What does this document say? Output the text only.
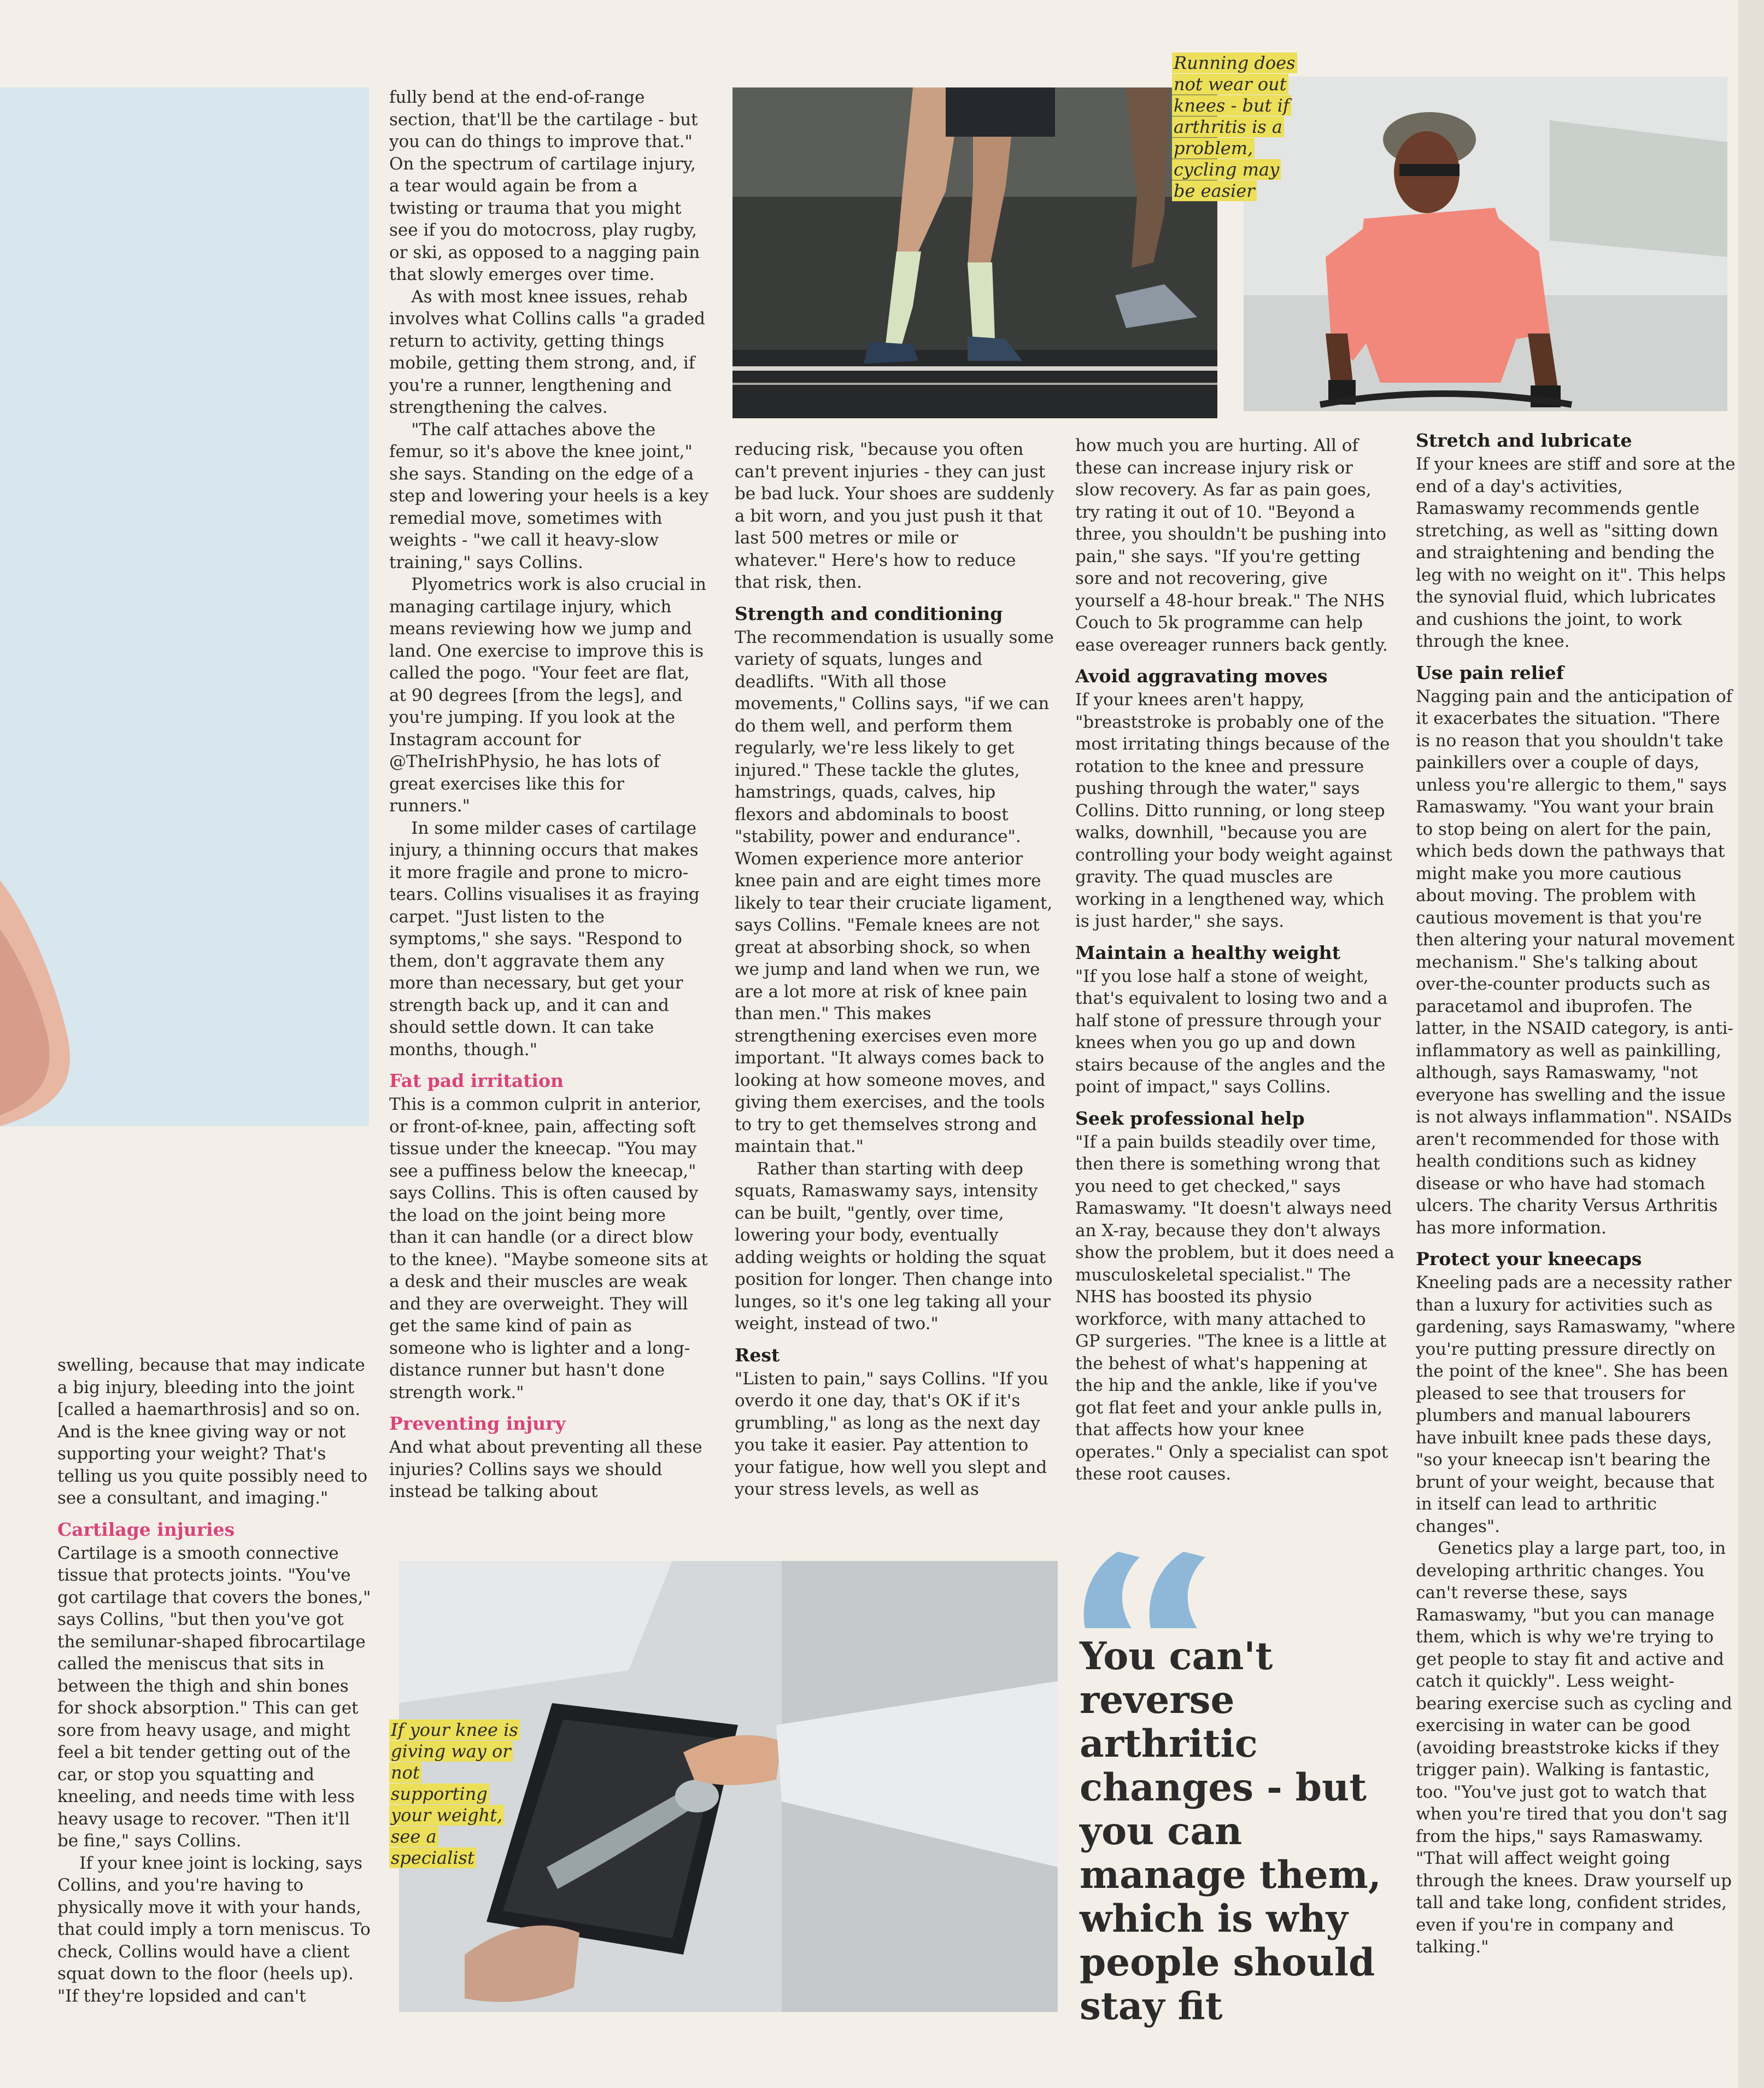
Running does not wear out knees - but if arthritis is a problem, cycling may be easier
If your knee is giving way or not supporting your weight, see a specialist

swelling, because that may indicate a big injury, bleeding into the joint [called a haemarthrosis] and so on. And is the knee giving way or not supporting your weight? That's telling us you quite possibly need to see a consultant, and imaging."

Cartilage injuries

Cartilage is a smooth connective tissue that protects joints. "You've got cartilage that covers the bones," says Collins, "but then you've got the semilunar-shaped fibrocartilage called the meniscus that sits in between the thigh and shin bones for shock absorption." This can get sore from heavy usage, and might feel a bit tender getting out of the car, or stop you squatting and kneeling, and needs time with less heavy usage to recover. "Then it'll be fine," says Collins.

If your knee joint is locking, says Collins, and you're having to physically move it with your hands, that could imply a torn meniscus. To check, Collins would have a client squat down to the floor (heels up). "If they're lopsided and can't

fully bend at the end-of-range section, that'll be the cartilage - but you can do things to improve that." On the spectrum of cartilage injury, a tear would again be from a twisting or trauma that you might see if you do motocross, play rugby, or ski, as opposed to a nagging pain that slowly emerges over time.

As with most knee issues, rehab involves what Collins calls "a graded return to activity, getting things mobile, getting them strong, and, if you're a runner, lengthening and strengthening the calves.

"The calf attaches above the femur, so it's above the knee joint," she says. Standing on the edge of a step and lowering your heels is a key remedial move, sometimes with weights - "we call it heavy-slow training," says Collins.

Plyometrics work is also crucial in managing cartilage injury, which means reviewing how we jump and land. One exercise to improve this is called the pogo. "Your feet are flat, at 90 degrees [from the legs], and you're jumping. If you look at the Instagram account for @TheIrishPhysio, he has lots of great exercises like this for runners."

In some milder cases of cartilage injury, a thinning occurs that makes it more fragile and prone to micro-tears. Collins visualises it as fraying carpet. "Just listen to the symptoms," she says. "Respond to them, don't aggravate them any more than necessary, but get your strength back up, and it can and should settle down. It can take months, though."

Fat pad irritation

This is a common culprit in anterior, or front-of-knee, pain, affecting soft tissue under the kneecap. "You may see a puffiness below the kneecap," says Collins. This is often caused by the load on the joint being more than it can handle (or a direct blow to the knee). "Maybe someone sits at a desk and their muscles are weak and they are overweight. They will get the same kind of pain as someone who is lighter and a long-distance runner but hasn't done strength work."

Preventing injury

And what about preventing all these injuries? Collins says we should instead be talking about

reducing risk, "because you often can't prevent injuries - they can just be bad luck. Your shoes are suddenly a bit worn, and you just push it that last 500 metres or mile or whatever." Here's how to reduce that risk, then.

Strength and conditioning

The recommendation is usually some variety of squats, lunges and deadlifts. "With all those movements," Collins says, "if we can do them well, and perform them regularly, we're less likely to get injured." These tackle the glutes, hamstrings, quads, calves, hip flexors and abdominals to boost "stability, power and endurance". Women experience more anterior knee pain and are eight times more likely to tear their cruciate ligament, says Collins. "Female knees are not great at absorbing shock, so when we jump and land when we run, we are a lot more at risk of knee pain than men." This makes strengthening exercises even more important. "It always comes back to looking at how someone moves, and giving them exercises, and the tools to try to get themselves strong and maintain that."

Rather than starting with deep squats, Ramaswamy says, intensity can be built, "gently, over time, lowering your body, eventually adding weights or holding the squat position for longer. Then change into lunges, so it's one leg taking all your weight, instead of two."

Rest

"Listen to pain," says Collins. "If you overdo it one day, that's OK if it's grumbling," as long as the next day you take it easier. Pay attention to your fatigue, how well you slept and your stress levels, as well as

how much you are hurting. All of these can increase injury risk or slow recovery. As far as pain goes, try rating it out of 10. "Beyond a three, you shouldn't be pushing into pain," she says. "If you're getting sore and not recovering, give yourself a 48-hour break." The NHS Couch to 5k programme can help ease overeager runners back gently.

Avoid aggravating moves

If your knees aren't happy, "breaststroke is probably one of the most irritating things because of the rotation to the knee and pressure pushing through the water," says Collins. Ditto running, or long steep walks, downhill, "because you are controlling your body weight against gravity. The quad muscles are working in a lengthened way, which is just harder," she says.

Maintain a healthy weight

"If you lose half a stone of weight, that's equivalent to losing two and a half stone of pressure through your knees when you go up and down stairs because of the angles and the point of impact," says Collins.

Seek professional help

"If a pain builds steadily over time, then there is something wrong that you need to get checked," says Ramaswamy. "It doesn't always need an X-ray, because they don't always show the problem, but it does need a musculoskeletal specialist." The NHS has boosted its physio workforce, with many attached to GP surgeries. "The knee is a little at the behest of what's happening at the hip and the ankle, like if you've got flat feet and your ankle pulls in, that affects how your knee operates." Only a specialist can spot these root causes.

Stretch and lubricate

If your knees are stiff and sore at the end of a day's activities, Ramaswamy recommends gentle stretching, as well as "sitting down and straightening and bending the leg with no weight on it". This helps the synovial fluid, which lubricates and cushions the joint, to work through the knee.

Use pain relief

Nagging pain and the anticipation of it exacerbates the situation. "There is no reason that you shouldn't take painkillers over a couple of days, unless you're allergic to them," says Ramaswamy. "You want your brain to stop being on alert for the pain, which beds down the pathways that might make you more cautious about moving. The problem with cautious movement is that you're then altering your natural movement mechanism." She's talking about over-the-counter products such as paracetamol and ibuprofen. The latter, in the NSAID category, is anti-inflammatory as well as painkilling, although, says Ramaswamy, "not everyone has swelling and the issue is not always inflammation". NSAIDs aren't recommended for those with health conditions such as kidney disease or who have had stomach ulcers. The charity Versus Arthritis has more information.

Protect your kneecaps

Kneeling pads are a necessity rather than a luxury for activities such as gardening, says Ramaswamy, "where you're putting pressure directly on the point of the knee". She has been pleased to see that trousers for plumbers and manual labourers have inbuilt knee pads these days, "so your kneecap isn't bearing the brunt of your weight, because that in itself can lead to arthritic changes".

Genetics play a large part, too, in developing arthritic changes. You can't reverse these, says Ramaswamy, "but you can manage them, which is why we're trying to get people to stay fit and active and catch it quickly". Less weight-bearing exercise such as cycling and exercising in water can be good (avoiding breaststroke kicks if they trigger pain). Walking is fantastic, too. "You've just got to watch that when you're tired that you don't sag from the hips," says Ramaswamy. "That will affect weight going through the knees. Draw yourself up tall and take long, confident strides, even if you're in company and talking."

You can't reverse arthritic changes - but you can manage them, which is why people should stay fit
